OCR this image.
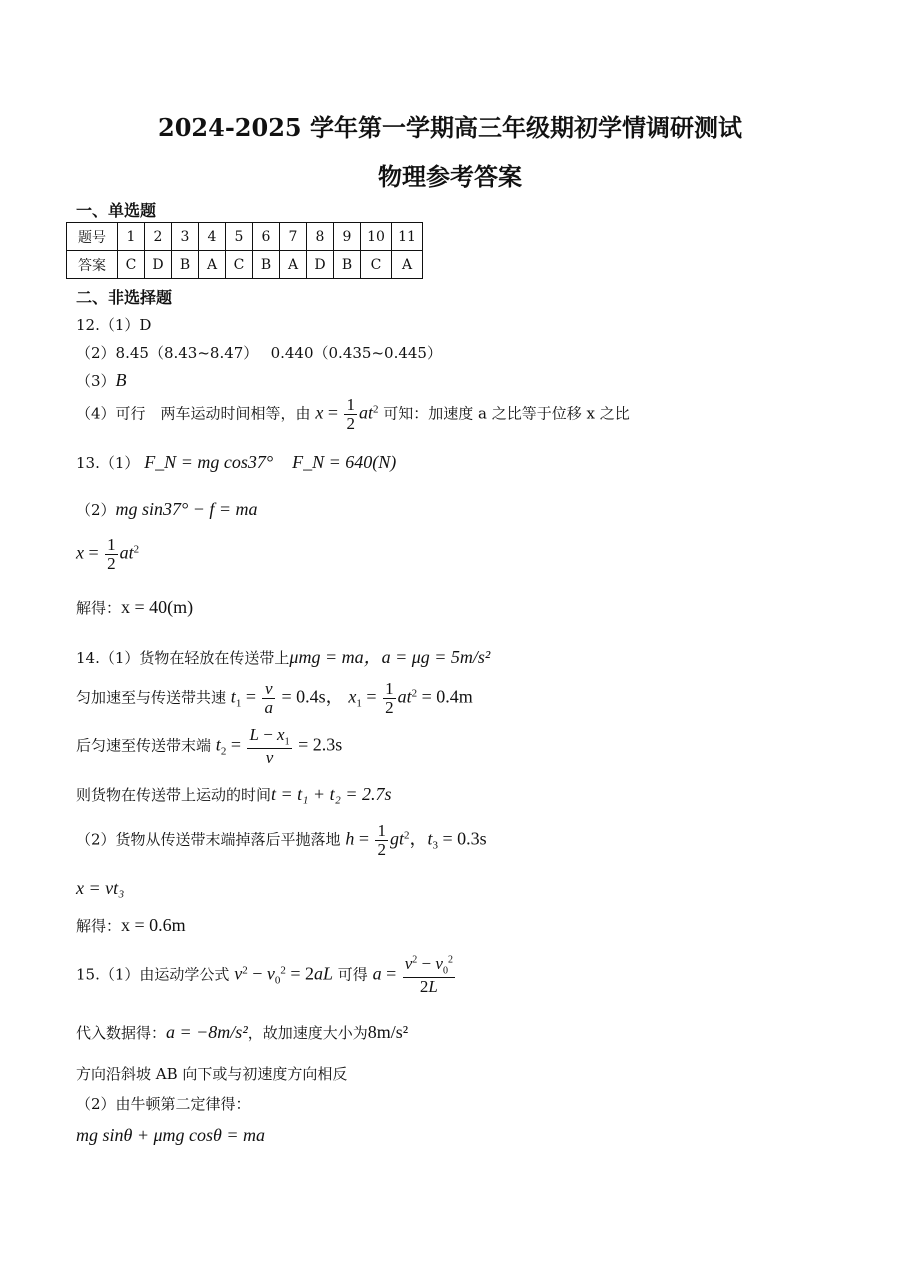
2024-2025 学年第一学期高三年级期初学情调研测试
物理参考答案
一、单选题
题号	1	2	3	4	5	6	7	8	9	10	11
答案	C	D	B	A	C	B	A	D	B	C	A
二、非选择题
12.（1）D
（2）8.45（8.43~8.47）　 0.440（0.435~0.445）
（3）B
（4）可行　两车运动时间相等，由 $x = \frac{1}{2} at^2$ 可知：加速度 a 之比等于位移 x 之比
13.（1） F_N = mg cos37° F_N = 640(N)
（2）mg sin37° − f = ma
$x = \frac{1}{2} at^2$
解得：x = 40(m)
14.（1）货物在轻放在传送带上μmg = ma，a = μg = 5m/s²
匀加速至与传送带共速 $t_1 = \frac{v}{a} = 0.4s$， $x_1 = \frac{1}{2} at^2 = 0.4m$
后匀速至传送带末端 $t_2 = \frac{L - x_1}{v} = 2.3s$
则货物在传送带上运动的时间t = t₁ + t₂ = 2.7s
（2）货物从传送带末端掉落后平抛落地 $h = \frac{1}{2} gt^2$，$t_3 = 0.3s$
x = vt₃
解得：x = 0.6m
15.（1）由运动学公式 $v^2 - v_0^2 = 2aL$ 可得 $a = \frac{v^2 - v_0^2}{2L}$
代入数据得：a = −8m/s²，故加速度大小为8m/s²
方向沿斜坡 AB 向下或与初速度方向相反
（2）由牛顿第二定律得：
mg sinθ + μmg cosθ = ma
